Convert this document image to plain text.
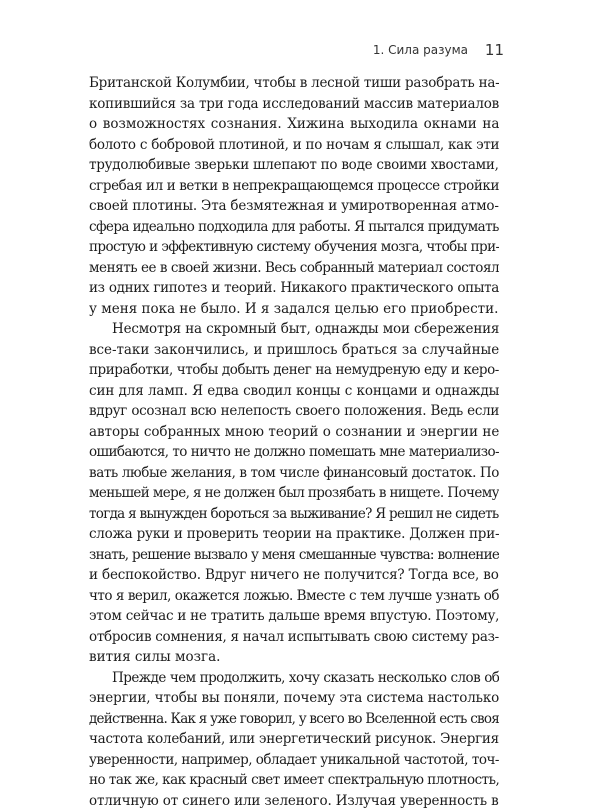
1. Сила разума 11

Британской Колумбии, чтобы в лесной тиши разобрать на-
копившийся за три года исследований массив материалов
о возможностях сознания. Хижина выходила окнами на
болото с бобровой плотиной, и по ночам я слышал, как эти
трудолюбивые зверьки шлепают по воде своими хвостами,
сгребая ил и ветки в непрекращающемся процессе стройки
своей плотины. Эта безмятежная и умиротворенная атмо-
сфера идеально подходила для работы. Я пытался придумать
простую и эффективную систему обучения мозга, чтобы при-
менять ее в своей жизни. Весь собранный материал состоял
из одних гипотез и теорий. Никакого практического опыта
у меня пока не было. И я задался целью его приобрести.

Несмотря на скромный быт, однажды мои сбережения
все-таки закончились, и пришлось браться за случайные
приработки, чтобы добыть денег на немудреную еду и керо-
син для ламп. Я едва сводил концы с концами и однажды
вдруг осознал всю нелепость своего положения. Ведь если
авторы собранных мною теорий о сознании и энергии не
ошибаются, то ничто не должно помешать мне материализо-
вать любые желания, в том числе финансовый достаток. По
меньшей мере, я не должен был прозябать в нищете. Почему
тогда я вынужден бороться за выживание? Я решил не сидеть
сложа руки и проверить теории на практике. Должен при-
знать, решение вызвало у меня смешанные чувства: волнение
и беспокойство. Вдруг ничего не получится? Тогда все, во
что я верил, окажется ложью. Вместе с тем лучше узнать об
этом сейчас и не тратить дальше время впустую. Поэтому,
отбросив сомнения, я начал испытывать свою систему раз-
вития силы мозга.

Прежде чем продолжить, хочу сказать несколько слов об
энергии, чтобы вы поняли, почему эта система настолько
действенна. Как я уже говорил, у всего во Вселенной есть своя
частота колебаний, или энергетический рисунок. Энергия
уверенности, например, обладает уникальной частотой, точ-
но так же, как красный свет имеет спектральную плотность,
отличную от синего или зеленого. Излучая уверенность в
